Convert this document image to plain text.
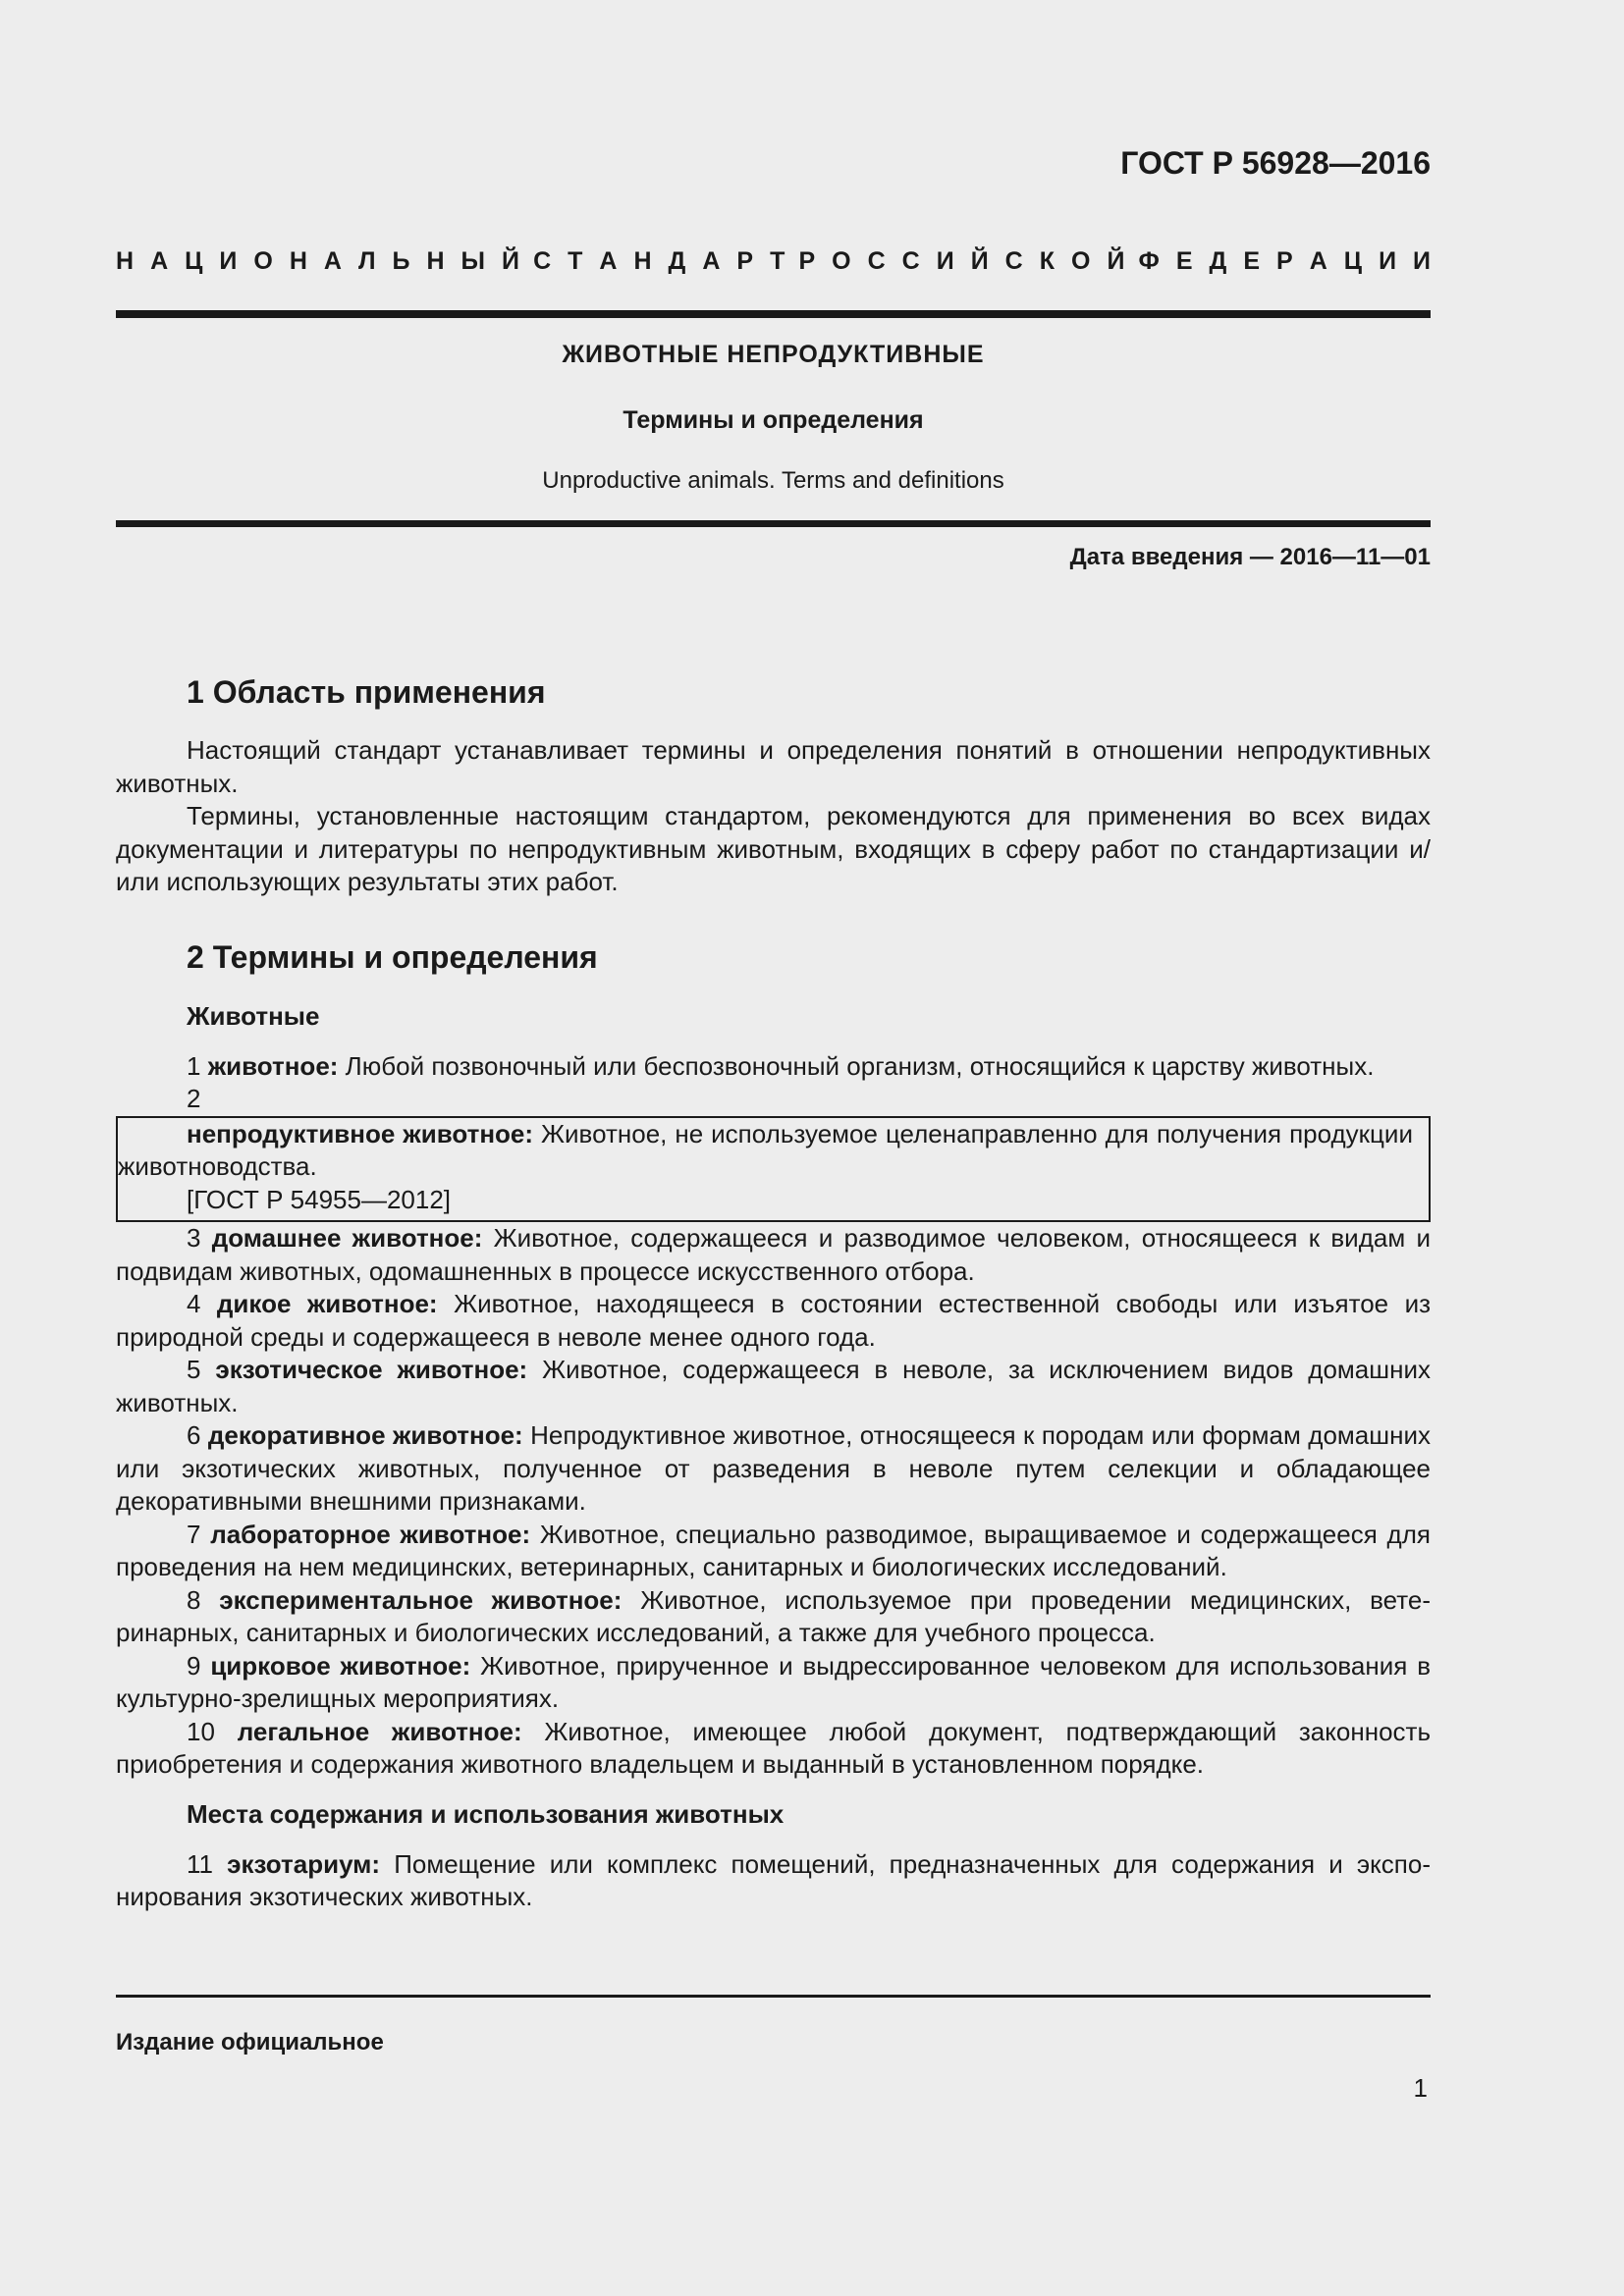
ГОСТ Р 56928—2016
Н А Ц И О Н А Л Ь Н Ы Й С Т А Н Д А Р Т Р О С С И Й С К О Й Ф Е Д Е Р А Ц И И
ЖИВОТНЫЕ НЕПРОДУКТИВНЫЕ
Термины и определения
Unproductive animals. Terms and definitions
Дата введения — 2016—11—01
1 Область применения

Настоящий стандарт устанавливает термины и определения понятий в отношении непродуктивных животных.

Термины, установленные настоящим стандартом, рекомендуются для применения во всех видах документации и литературы по непродуктивным животным, входящих в сферу работ по стандартизации и/или использующих результаты этих работ.

2 Термины и определения
Животные

1 животное: Любой позвоночный или беспозвоночный организм, относящийся к царству животных.

2

непродуктивное животное: Животное, не используемое целенаправленно для получения продукции животноводства.

[ГОСТ Р 54955—2012]

3 домашнее животное: Животное, содержащееся и разводимое человеком, относящееся к видам и подвидам животных, одомашненных в процессе искусственного отбора.

4 дикое животное: Животное, находящееся в состоянии естественной свободы или изъятое из природной среды и содержащееся в неволе менее одного года.

5 экзотическое животное: Животное, содержащееся в неволе, за исключением видов домашних животных.

6 декоративное животное: Непродуктивное животное, относящееся к породам или формам домашних или экзотических животных, полученное от разведения в неволе путем селекции и обладающее декоративными внешними признаками.

7 лабораторное животное: Животное, специально разводимое, выращиваемое и содержащееся для проведения на нем медицинских, ветеринарных, санитарных и биологических исследований.

8 экспериментальное животное: Животное, используемое при проведении медицинских, ветеринарных, санитарных и биологических исследований, а также для учебного процесса.

9 цирковое животное: Животное, прирученное и выдрессированное человеком для использования в культурно-зрелищных мероприятиях.

10 легальное животное: Животное, имеющее любой документ, подтверждающий законность приобретения и содержания животного владельцем и выданный в установленном порядке.

Места содержания и использования животных

11 экзотариум: Помещение или комплекс помещений, предназначенных для содержания и экспонирования экзотических животных.

Издание официальное
1
